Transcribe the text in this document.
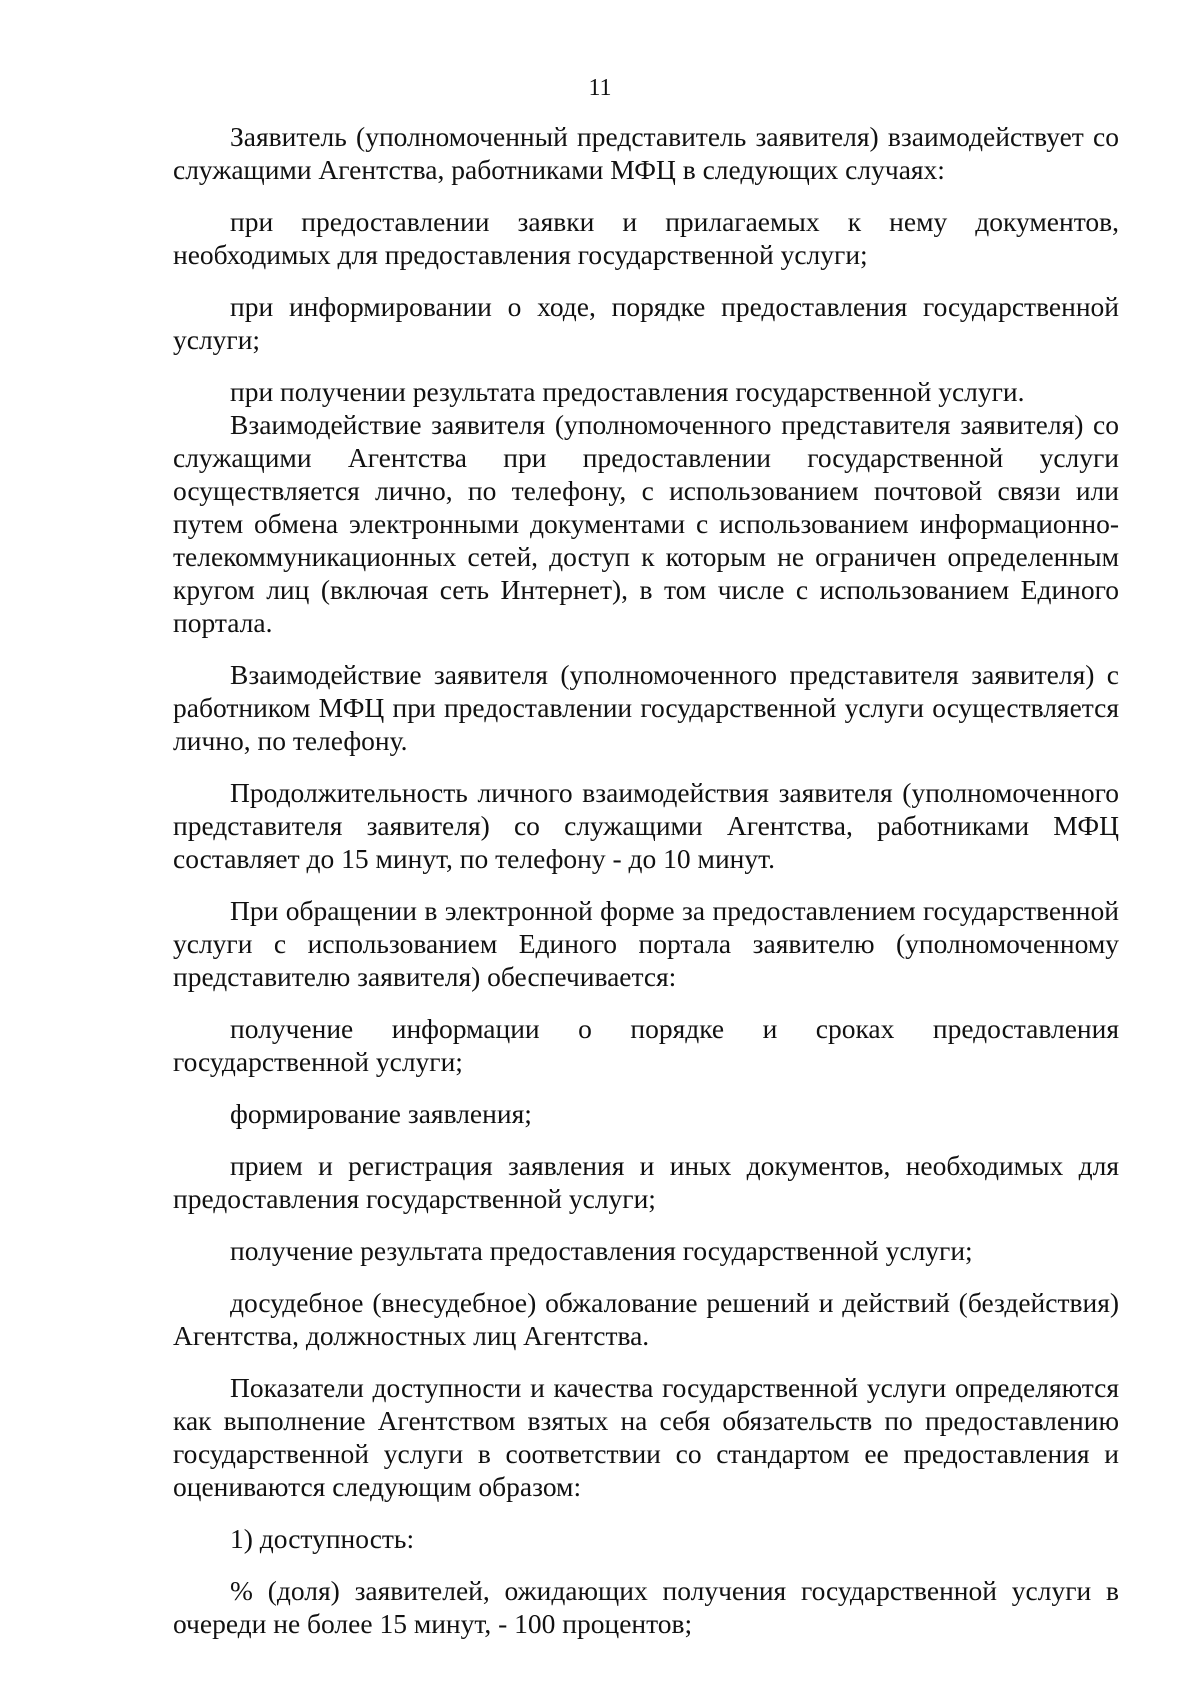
11

Заявитель (уполномоченный представитель заявителя) взаимодействует со служащими Агентства, работниками МФЦ в следующих случаях:

при предоставлении заявки и прилагаемых к нему документов, необходимых для предоставления государственной услуги;

при информировании о ходе, порядке предоставления государственной услуги;

при получении результата предоставления государственной услуги.

Взаимодействие заявителя (уполномоченного представителя заявителя) со служащими Агентства при предоставлении государственной услуги осуществляется лично, по телефону, с использованием почтовой связи или путем обмена электронными документами с использованием информационно-телекоммуникационных сетей, доступ к которым не ограничен определенным кругом лиц (включая сеть Интернет), в том числе с использованием Единого портала.

Взаимодействие заявителя (уполномоченного представителя заявителя) с работником МФЦ при предоставлении государственной услуги осуществляется лично, по телефону.

Продолжительность личного взаимодействия заявителя (уполномоченного представителя заявителя) со служащими Агентства, работниками МФЦ составляет до 15 минут, по телефону - до 10 минут.

При обращении в электронной форме за предоставлением государственной услуги с использованием Единого портала заявителю (уполномоченному представителю заявителя) обеспечивается:

получение информации о порядке и сроках предоставления государственной услуги;

формирование заявления;

прием и регистрация заявления и иных документов, необходимых для предоставления государственной услуги;

получение результата предоставления государственной услуги;

досудебное (внесудебное) обжалование решений и действий (бездействия) Агентства, должностных лиц Агентства.

Показатели доступности и качества государственной услуги определяются как выполнение Агентством взятых на себя обязательств по предоставлению государственной услуги в соответствии со стандартом ее предоставления и оцениваются следующим образом:

1) доступность:

% (доля) заявителей, ожидающих получения государственной услуги в очереди не более 15 минут, - 100 процентов;
